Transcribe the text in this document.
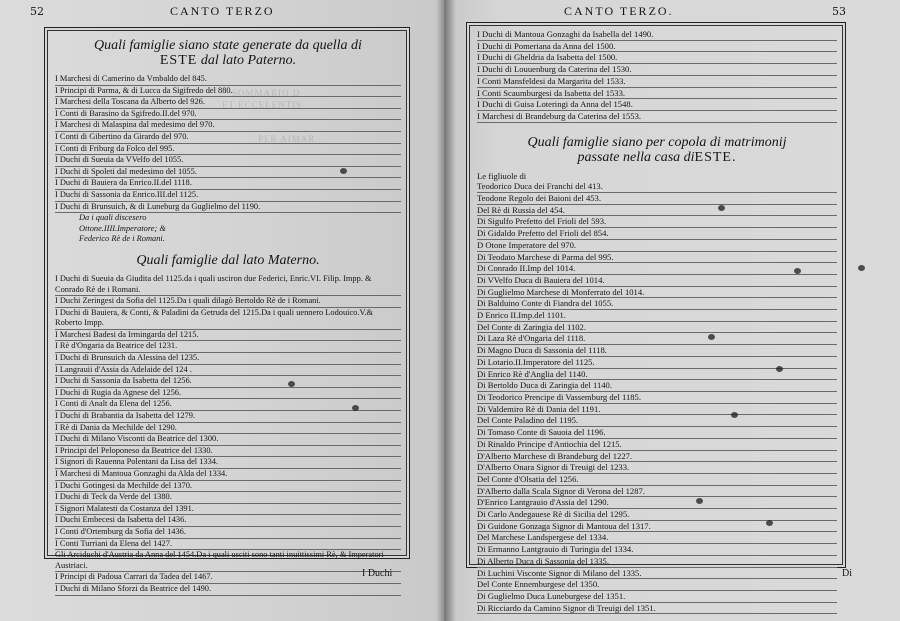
52	CANTO TERZO
SOMMARIO D
ET ECCELENTIS
PER AIMAR
Quali famiglie siano state generate da quella di
ESTE dal lato Paterno.
I Marchesi di Camerino da Vmbaldo del 845.
I Principi di Parma, & di Lucca da Sigifredo del 880.
I Marchesi della Toscana da Alberto del 926.
I Conti di Barasino da Sgifredo.II.del 970.
I Marchesi di Malaspina dal medesimo del 970.
I Conti di Gibertino da Girardo del 970.
I Conti di Friburg da Folco del 995.
I Duchi di Sueuia da VVelfo del 1055.
I Duchi di Spoleti dal medesimo del 1055.
I Duchi di Bauiera da Enrico.II.del 1118.
I Duchi di Sassonia da Enrico.III.del 1125.
I Duchi di Brunsuich, & di Luneburg da Guglielmo del 1190.
Da i quali discesero
Ottone.IIII.Imperatore; &
Federico Rè de i Romani.
Quali famiglie dal lato Materno.
I Duchi di Sueuia da Giudita del 1125.da i quali usciron due Federici, Enric.VI. Filip. Impp. & Conrado Rè de i Romani.
I Duchi Zeringesi da Sofia del 1125.Da i quali dilagò Bertoldo Rè de i Romani.
I Duchi di Bauiera, & Conti, & Paladini da Getruda del 1215.Da i quali uennero Lodouico.V.& Roberto Impp.
I Marchesi Badesi da Irmingarda del 1215.
I Rè d'Ongaria da Beatrice del 1231.
I Duchi di Brunsuich da Alessina del 1235.
I Langrauii d'Assia da Adelaide del 124 .
I Duchi di Sassonia da Isabetta del 1256.
I Duchi di Rugia da Agnese del 1256.
I Conti di Analt da Elena del 1256.
I Duchi di Brabantia da Isabetta del 1279.
I Rè di Dania da Mechilde del 1290.
I Duchi di Milano Visconti da Beatrice del 1300.
I Principi del Peloponeso da Beatrice del 1330.
I Signori di Rauenna Polentani da Lisa del 1334.
I Marchesi di Mantoua Gonzaghi da Alda del 1334.
I Duchi Gotingesi da Mechilde del 1370.
I Duchi di Teck da Verde del 1380.
I Signori Malatesti da Costanza del 1391.
I Duchi Embecesi da Isabetta del 1436.
I Conti d'Ortemburg da Sofia del 1436.
I Conti Turriani da Elena del 1427.
Gli Arciduchi d'Austria da Anna del 1454.Da i quali usciti sono tanti inuittissimi Rè, & Imperatori Austriaci.
I Principi di Padoua Carrari da Tadea del 1467.
I Duchi di Milano Sforzi da Beatrice del 1490.
I Duchi
CANTO TERZO.	53
I Duchi di Mantoua Gonzaghi da Isabella del 1490.
I Duchi di Pomeriana da Anna del 1500.
I Duchi di Gheldria da Isabetta del 1500.
I Duchi di Louuenburg da Caterina del 1530.
I Conti Mansfeldesi da Margarita del 1533.
I Conti Scaumburgesi da Isabetta del 1533.
I Duchi di Guisa Loteringi da Anna del 1548.
I Marchesi di Brandeburg da Caterina del 1553.
Quali famiglie siano per copola di matrimonij
passate nella casa diESTE.
Le figliuole di
Teodorico Duca dei Franchi del 413.
Teodone Regolo dei Baioni del 453.
Del Rè di Russia del 454.
Di Sigulfo Prefetto del Frioli del 593.
Di Gidaldo Prefetto del Frioli del 854.
D Otone Imperatore del 970.
Di Teodato Marchese di Parma del 995.
Di Conrado II.Imp del 1014.
Di VVelfo Duca di Bauiera del 1014.
Di Guglielmo Marchese di Monferrato del 1014.
Di Balduino Conte di Fiandra del 1055.
D Enrico II.Imp.del 1101.
Del Conte di Zaringia del 1102.
Di Laza Rè d'Ongaria del 1118.
Di Magno Duca di Sassonia del 1118.
Di Lotario.II.Imperatore del 1125.
Di Enrico Rè d'Anglia del 1140.
Di Bertoldo Duca di Zaringia del 1140.
Di Teodorico Prencipe di Vassemburg del 1185.
Di Valdemiro Rè di Dania del 1191.
Del Conte Paladino del 1195.
Di Tomaso Conte di Sauoia del 1196.
Di Rinaldo Principe d'Antiochia del 1215.
D'Alberto Marchese di Brandeburg del 1227.
D'Alberto Onara Signor di Treuigi del 1233.
Del Conte d'Olsatia del 1256.
D'Alberto dalla Scala Signor di Verona del 1287.
D'Enrico Lantgrauio d'Assia del 1290.
Di Carlo Andegauese Rè di Sicilia del 1295.
Di Guidone Gonzaga Signor di Mantoua del 1317.
Del Marchese Landspergese del 1334.
Di Ermanno Lantgrauio di Turingia del 1334.
Di Alberto Duca di Sassonia del 1335.
Di Luchini Visconte Signor di Milano del 1335.
Del Conte Ennemburgese del 1350.
Di Guglielmo Duca Luneburgese del 1351.
Di Ricciardo da Camino Signor di Treuigi del 1351.
Di
